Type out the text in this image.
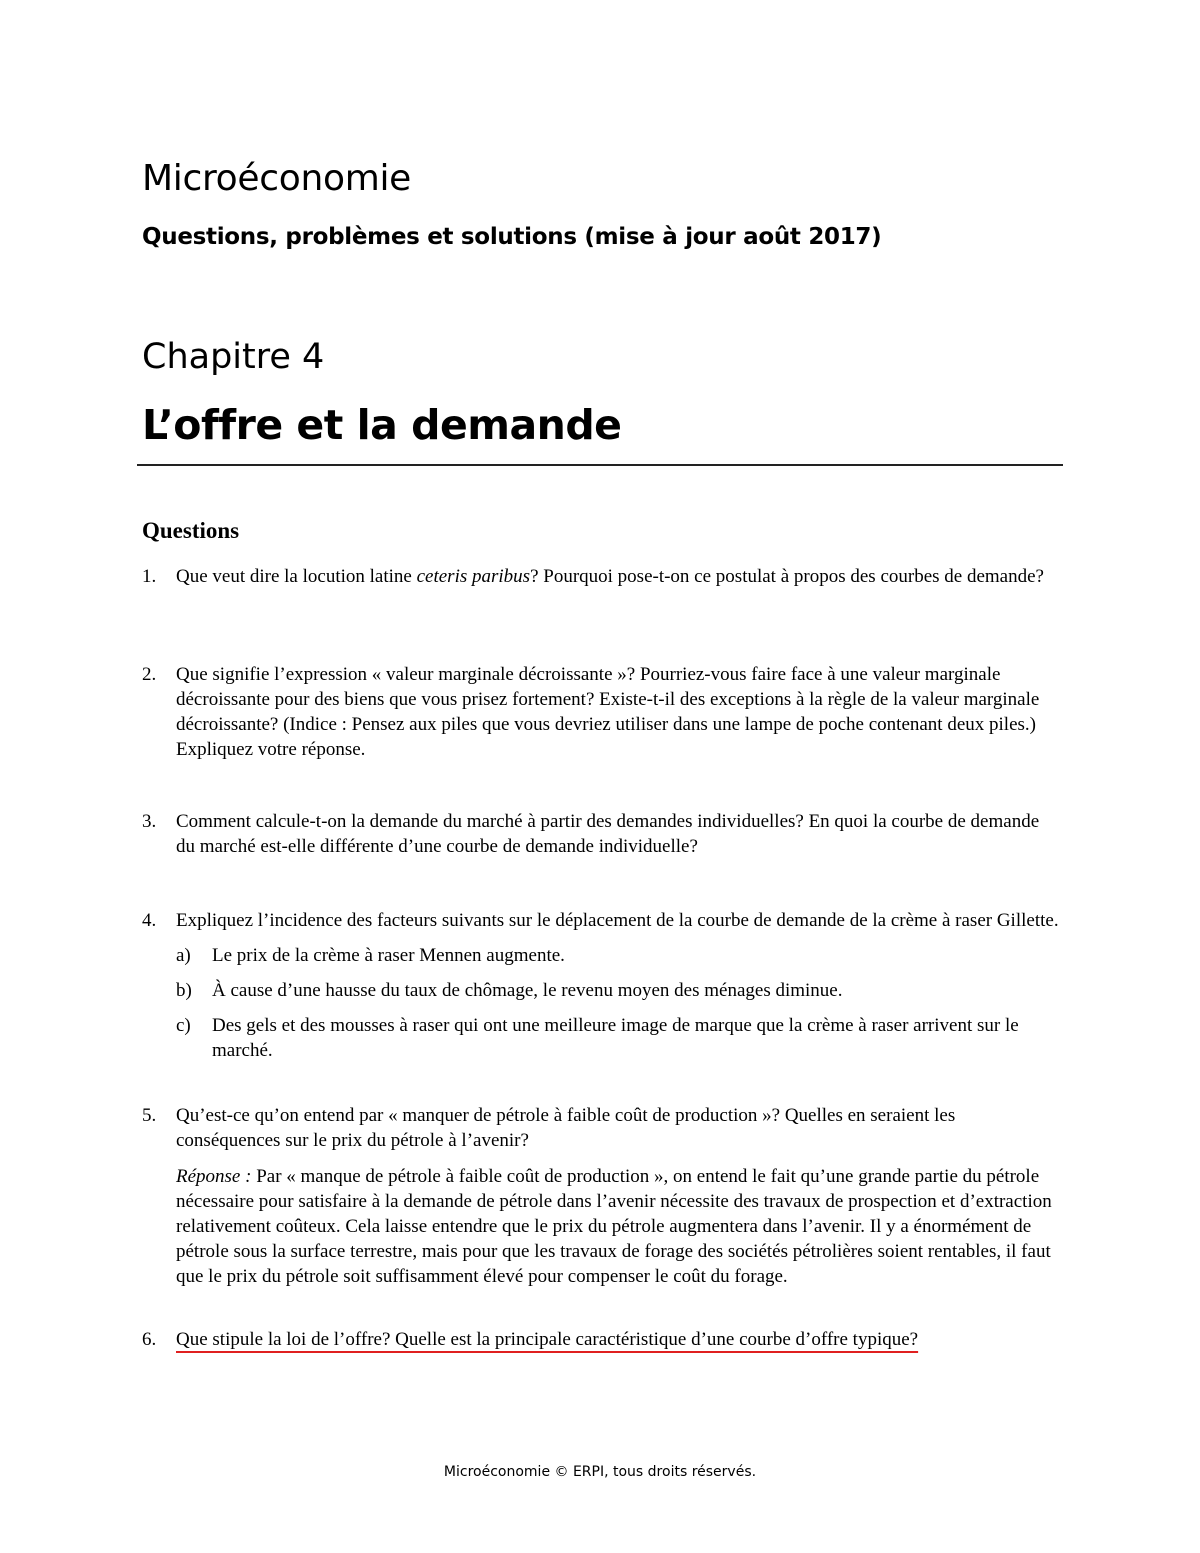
Microéconomie
Questions, problèmes et solutions (mise à jour août 2017)
Chapitre 4
L’offre et la demande
Questions
1. Que veut dire la locution latine ceteris paribus? Pourquoi pose-t-on ce postulat à propos des courbes de demande?
2. Que signifie l’expression « valeur marginale décroissante »? Pourriez-vous faire face à une valeur marginale décroissante pour des biens que vous prisez fortement? Existe-t-il des exceptions à la règle de la valeur marginale décroissante? (Indice : Pensez aux piles que vous devriez utiliser dans une lampe de poche contenant deux piles.) Expliquez votre réponse.
3. Comment calcule-t-on la demande du marché à partir des demandes individuelles? En quoi la courbe de demande du marché est-elle différente d’une courbe de demande individuelle?
4. Expliquez l’incidence des facteurs suivants sur le déplacement de la courbe de demande de la crème à raser Gillette.
a) Le prix de la crème à raser Mennen augmente.
b) À cause d’une hausse du taux de chômage, le revenu moyen des ménages diminue.
c) Des gels et des mousses à raser qui ont une meilleure image de marque que la crème à raser arrivent sur le marché.
5. Qu’est-ce qu’on entend par « manquer de pétrole à faible coût de production »? Quelles en seraient les conséquences sur le prix du pétrole à l’avenir?
Réponse : Par « manque de pétrole à faible coût de production », on entend le fait qu’une grande partie du pétrole nécessaire pour satisfaire à la demande de pétrole dans l’avenir nécessite des travaux de prospection et d’extraction relativement coûteux. Cela laisse entendre que le prix du pétrole augmentera dans l’avenir. Il y a énormément de pétrole sous la surface terrestre, mais pour que les travaux de forage des sociétés pétrolières soient rentables, il faut que le prix du pétrole soit suffisamment élevé pour compenser le coût du forage.
6. Que stipule la loi de l’offre? Quelle est la principale caractéristique d’une courbe d’offre typique?
Microéconomie © ERPI, tous droits réservés.
